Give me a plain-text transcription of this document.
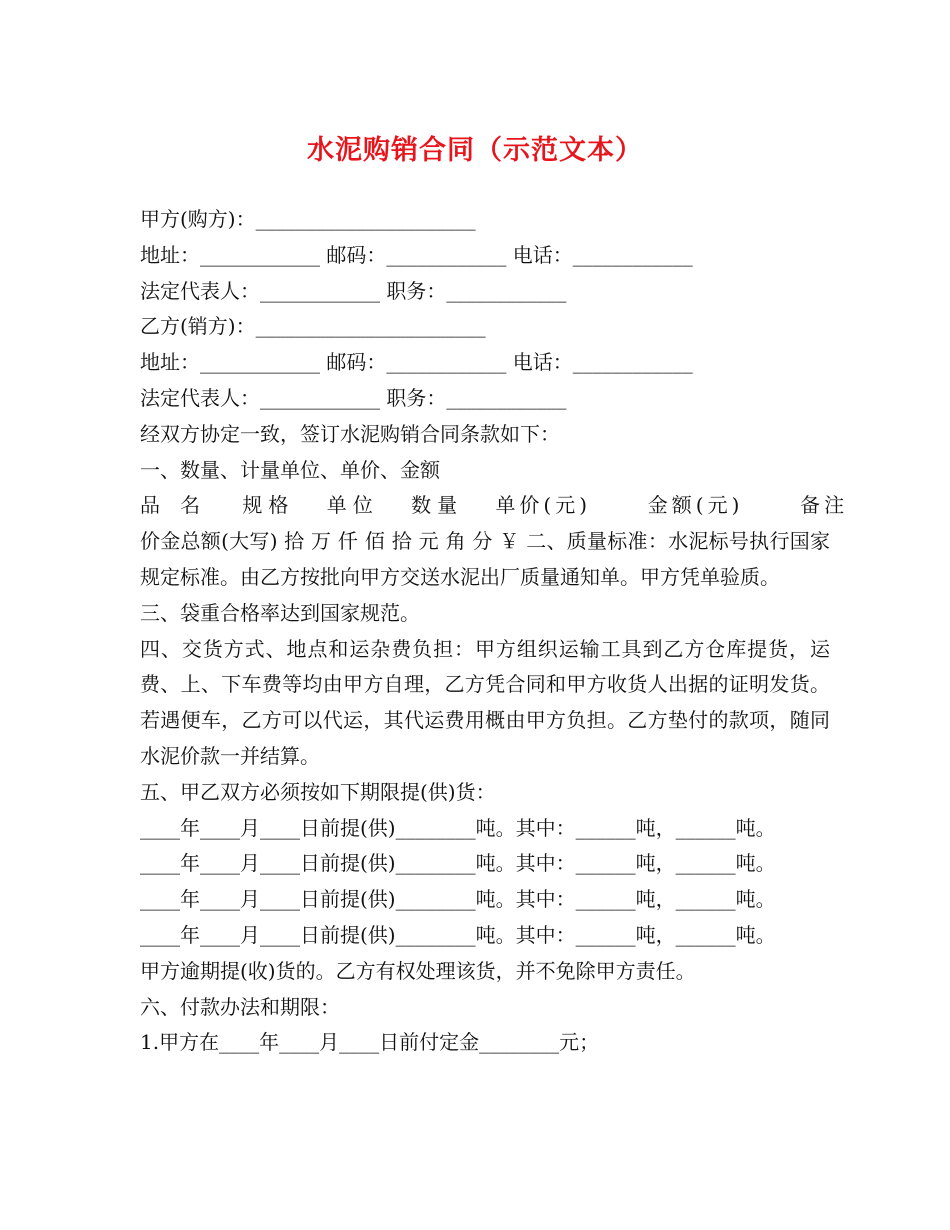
水泥购销合同（示范文本）
甲方(购方)：______________________
地址：____________ 邮码：____________ 电话：____________
法定代表人：____________ 职务：____________
乙方(销方)：_______________________
地址：____________ 邮码：____________ 电话：____________
法定代表人：____________ 职务：____________
经双方协定一致，签订水泥购销合同条款如下：
一、数量、计量单位、单价、金额
品名 规格 单位 数量 单价(元)	金额(元)	备注
价金总额(大写) 拾 万 仟 佰 拾 元 角 分 ￥ 二、质量标准：水泥标号执行国家规定标准。由乙方按批向甲方交送水泥出厂质量通知单。甲方凭单验质。
三、袋重合格率达到国家规范。
四、交货方式、地点和运杂费负担：甲方组织运输工具到乙方仓库提货，运费、上、下车费等均由甲方自理，乙方凭合同和甲方收货人出据的证明发货。若遇便车，乙方可以代运，其代运费用概由甲方负担。乙方垫付的款项，随同水泥价款一并结算。
五、甲乙双方必须按如下期限提(供)货：
____年____月____日前提(供)________吨。其中：______吨，______吨。
____年____月____日前提(供)________吨。其中：______吨，______吨。
____年____月____日前提(供)________吨。其中：______吨，______吨。
____年____月____日前提(供)________吨。其中：______吨，______吨。
甲方逾期提(收)货的。乙方有权处理该货，并不免除甲方责任。
六、付款办法和期限：
1.甲方在____年____月____日前付定金________元；
